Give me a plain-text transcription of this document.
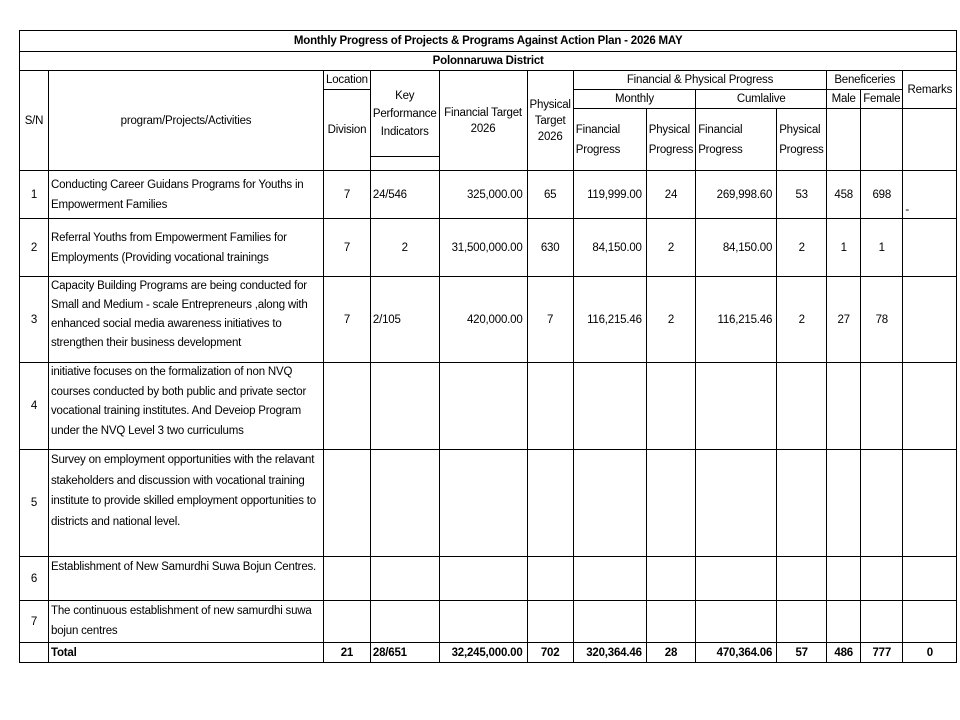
Monthly Progress of Projects & Programs Against Action Plan - 2026 MAY												
Polonnaruwa District												
S/N	program/Projects/Activities	Location	Key Performance Indicators	Financial Target 2026	Physical Target 2026	Financial & Physical Progress				Beneficeries		Remarks
		Division				Monthly		Cumlalive		Male	Female	
						Financial Progress	Physical Progress	Financial Progress	Physical Progress			

1	Conducting Career Guidans Programs for Youths in Empowerment Families	7	24/546	325,000.00	65	119,999.00	24	269,998.60	53	458	698	-
2	Referral Youths from Empowerment Families for Employments (Providing vocational trainings	7	2	31,500,000.00	630	84,150.00	2	84,150.00	2	1	1	
3	Capacity Building Programs are being conducted for Small and Medium - scale Entrepreneurs ,along with enhanced social media awareness initiatives to strengthen their business development	7	2/105	420,000.00	7	116,215.46	2	116,215.46	2	27	78	
4	initiative focuses on the formalization of non NVQ courses conducted by both public and private sector vocational training institutes. And Deveiop Program under the NVQ Level 3 two curriculums											
5	Survey on employment opportunities with the relavant stakeholders and discussion with vocational training institute to provide skilled employment opportunities to districts and national level.											
6	Establishment of New Samurdhi Suwa Bojun Centres.											
7	The continuous establishment of new samurdhi suwa bojun centres											
	Total	21	28/651	32,245,000.00	702	320,364.46	28	470,364.06	57	486	777	0
